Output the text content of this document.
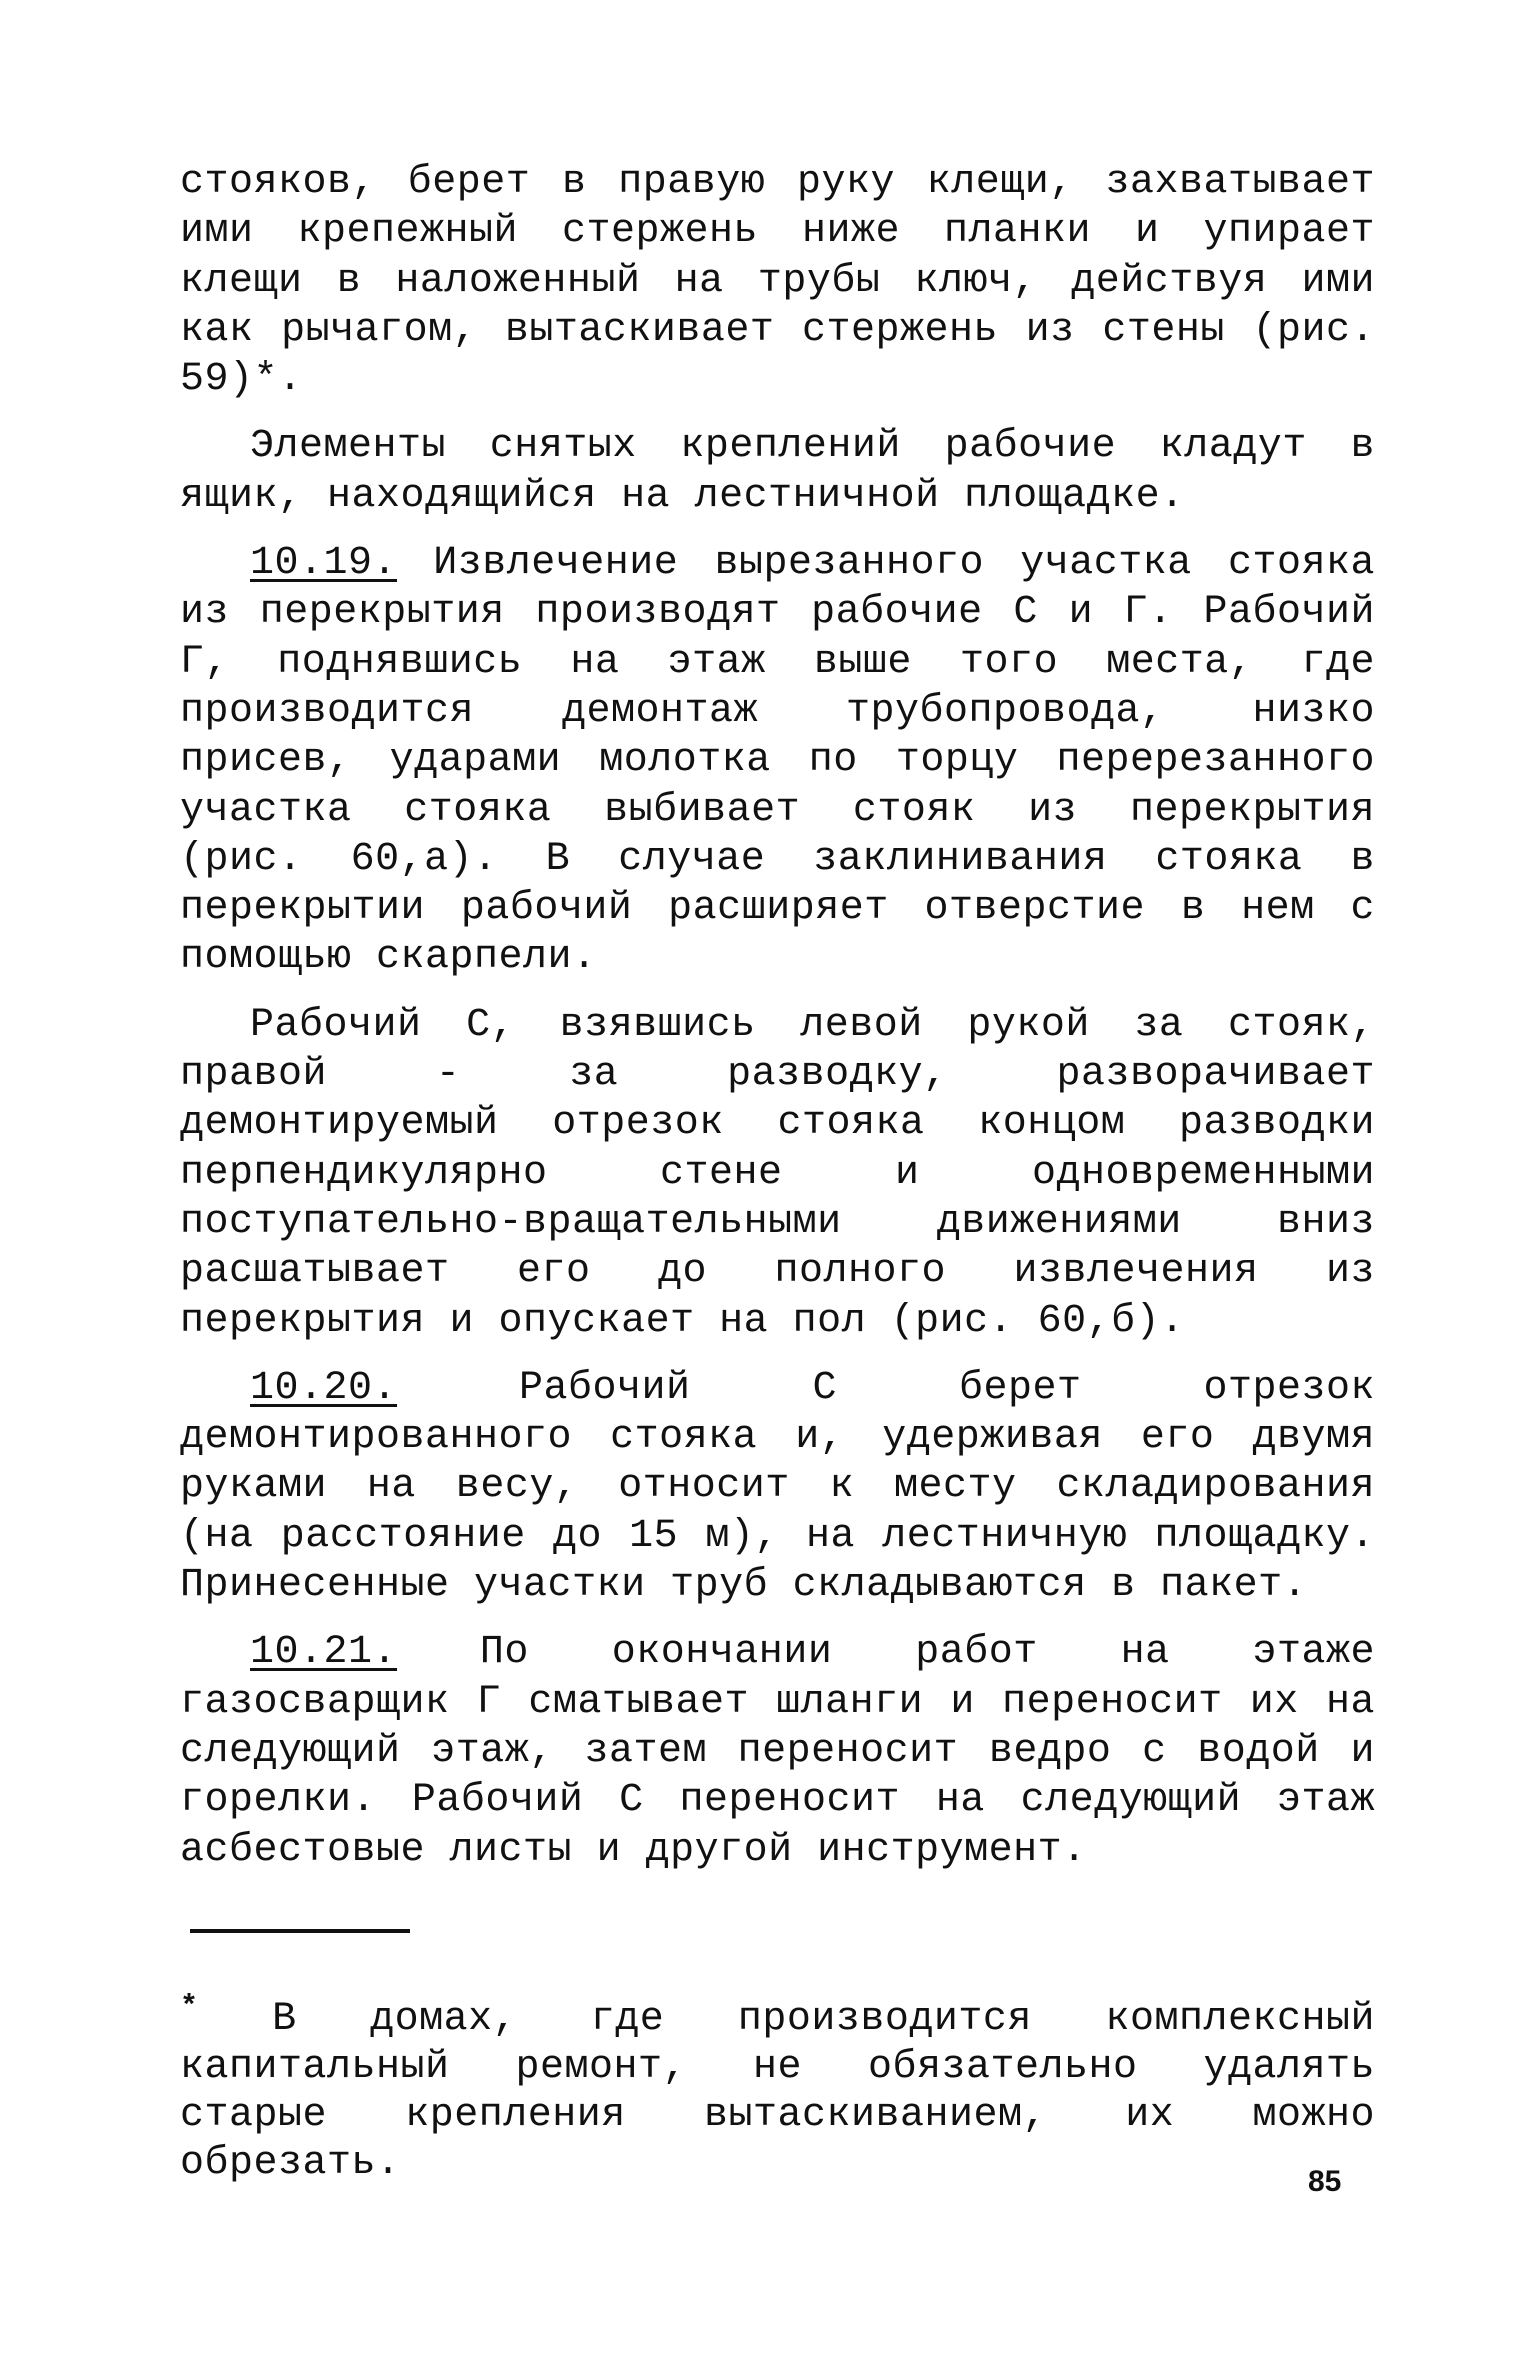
стояков, берет в правую руку клещи, захватывает ими крепежный стержень ниже планки и упирает клещи в наложенный на трубы ключ, действуя ими как рычагом, вытаскивает стержень из стены (рис. 59)*.

Элементы снятых креплений рабочие кладут в ящик, находящийся на лестничной площадке.

10.19. Извлечение вырезанного участка стояка из перекрытия производят рабочие С и Г. Рабочий Г, поднявшись на этаж выше того места, где производится демонтаж трубопровода, низко присев, ударами молотка по торцу перерезанного участка стояка выбивает стояк из перекрытия (рис. 60,а). В случае заклинивания стояка в перекрытии рабочий расширяет отверстие в нем с помощью скарпели.

Рабочий С, взявшись левой рукой за стояк, правой - за разводку, разворачивает демонтируемый отрезок стояка концом разводки перпендикулярно стене и одновременными поступательно-вращательными движениями вниз расшатывает его до полного извлечения из перекрытия и опускает на пол (рис. 60,б).

10.20.	Рабочий С берет отрезок демонтированного стояка и, удерживая его двумя руками на весу, относит к месту складирования (на расстояние до 15 м), на лестничную площадку. Принесенные участки труб складываются в пакет.

10.21. По окончании работ на этаже газосварщик Г сматывает шланги и переносит их на следующий этаж, затем переносит ведро с водой и горелки. Рабочий С переносит на следующий этаж асбестовые листы и другой инструмент.

* В домах, где производится комплексный капитальный ремонт, не обязательно удалять старые крепления вытаскиванием, их можно обрезать.	85
